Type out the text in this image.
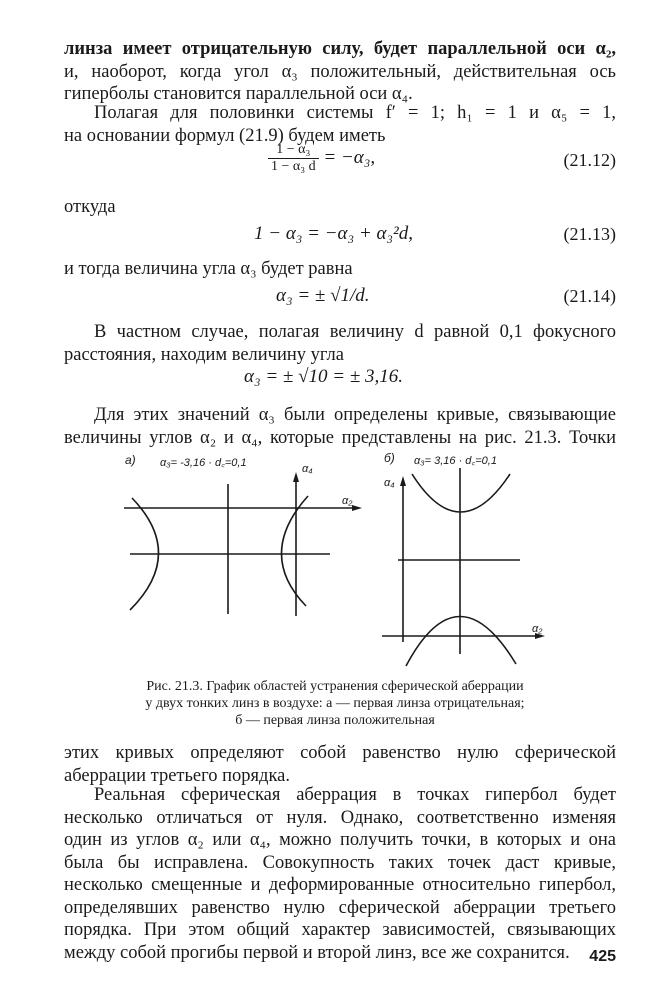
линза имеет отрицательную силу, будет параллельной оси α₂,
и, наоборот, когда угол α₃ положительный, действительная ось
гиперболы становится параллельной оси α₄.
Полагая для половинки системы f′ = 1; h₁ = 1 и α₅ = 1,
на основании формул (21.9) будем иметь
$\frac{\text{1 − α₃}}{\text{1 − α₃ d}} = -\alpha_3$,	(21.12)
откуда
1 − α₃ = −α₃ + α₃²d,	(21.13)
и тогда величина угла α₃ будет равна
α₃ = ± √1/d.	(21.14)
В частном случае, полагая величину d равной 0,1 фокусного
расстояния, находим величину угла
α₃ = ± √10 = ± 3,16.
Для этих значений α₃ были определены кривые, связывающие
величины углов α₂ и α₄, которые представлены на рис. 21.3. Точки
а) α₃= -3,16 · d꜀=0,1	α₄
α₂
б) α₃= 3,16 · d꜀=0,1
α₄
α₂
Рис. 21.3. График областей устранения сферической аберрации
у двух тонких линз в воздухе: а — первая линза отрицательная;
б — первая линза положительная
этих кривых определяют собой равенство нулю сферической
аберрации третьего порядка.
Реальная сферическая аберрация в точках гипербол будет
несколько отличаться от нуля. Однако, соответственно изменяя
один из углов α₂ или α₄, можно получить точки, в которых и она
была бы исправлена. Совокупность таких точек даст кривые,
несколько смещенные и деформированные относительно гипербол,
определявших равенство нулю сферической аберрации третьего
порядка. При этом общий характер зависимостей, связывающих
между собой прогибы первой и второй линз, все же сохранится.	425
